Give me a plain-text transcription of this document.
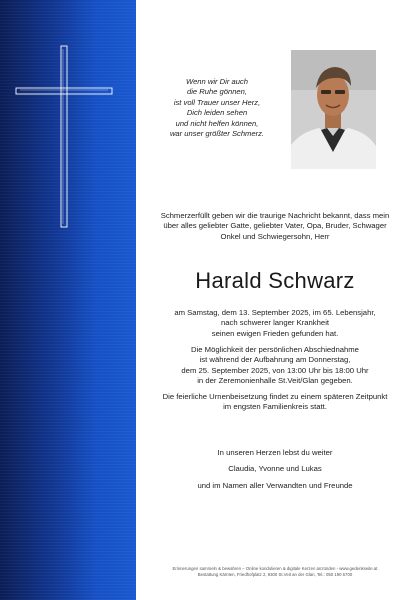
Wenn wir Dir auch
die Ruhe gönnen,
ist voll Trauer unser Herz,
Dich leiden sehen
und nicht helfen können,
war unser größter Schmerz.
Schmerzerfüllt geben wir die traurige Nachricht bekannt, dass mein
über alles geliebter Gatte, geliebter Vater, Opa, Bruder, Schwager
Onkel und Schwiegersohn, Herr
Harald Schwarz
am Samstag, dem 13. September 2025, im 65. Lebensjahr,
nach schwerer langer Krankheit
seinen ewigen Frieden gefunden hat.
Die Möglichkeit der persönlichen Abschiednahme
ist während der Aufbahrung am Donnerstag,
dem 25. September 2025, von 13:00 Uhr bis 18:00 Uhr
in der Zeremonienhalle St.Veit/Glan gegeben.
Die feierliche Urnenbeisetzung findet zu einem späteren Zeitpunkt
im engsten Familienkreis statt.
In unseren Herzen lebst du weiter
Claudia, Yvonne und Lukas
und im Namen aller Verwandten und Freunde
Erinnerungen sammeln & bewahren – Online kondolieren & digitale Kerzen anzünden - www.gedenkseite.at
Bestattung Kärnten, Friedhofplatz 2, 9300 St.Veit an der Glan, Tel.: 050 190 6700
